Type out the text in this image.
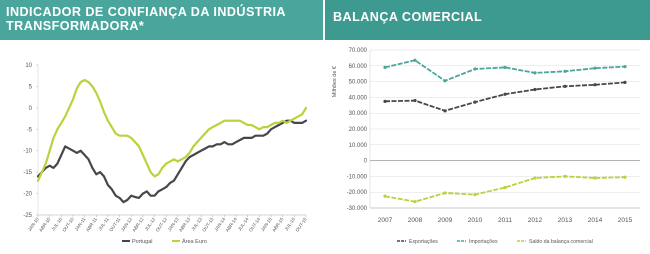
INDICADOR DE CONFIANÇA DA INDÚSTRIA
TRANSFORMADORA*
10
5
0
-5
-10
-15
-20
-25
JAN-10
ABR-10 JUL-10
OUT-10
JAN-11
ABR-11 JUL-11
OUT-11
JAN-12
ABR-12 JUL-12
OUT-12
JAN-13
ABR-13 JUL-13
OUT-13
JAN-14
ABR-14 JUL-14
OUT-14
JAN-15
ABR-15 JUL-15
OUT-15
Portugal	Área Euro
BALANÇA COMERCIAL
70.000
60.000
50.000
40.000
30.000
20.000
10.000
0
-10.000
-20.000
-30.000
Milhões de €
2007 2008 2009 2010 2011 2012 2013 2014 2015
Exportações	Importações	Saldo da balança comercial
